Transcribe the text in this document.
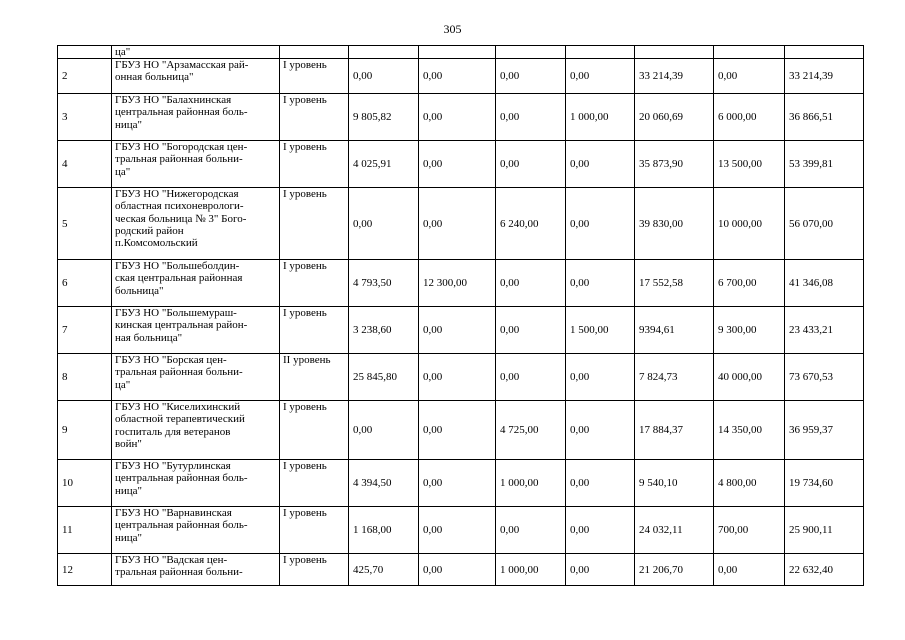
305
	ца"								
2	ГБУЗ НО "Арзамасская рай-
онная больница"	I уровень	0,00	0,00	0,00	0,00	33 214,39	0,00	33 214,39
3	ГБУЗ НО "Балахнинская
центральная районная боль-
ница"	I уровень	9 805,82	0,00	0,00	1 000,00	20 060,69	6 000,00	36 866,51
4	ГБУЗ НО "Богородская цен-
тральная районная больни-
ца"	I уровень	4 025,91	0,00	0,00	0,00	35 873,90	13 500,00	53 399,81
5	ГБУЗ НО "Нижегородская
областная психоневрологи-
ческая больница № 3" Бого-
родский район
п.Комсомольский	I уровень	0,00	0,00	6 240,00	0,00	39 830,00	10 000,00	56 070,00
6	ГБУЗ НО "Большеболдин-
ская центральная районная
больница"	I уровень	4 793,50	12 300,00	0,00	0,00	17 552,58	6 700,00	41 346,08
7	ГБУЗ НО "Большемураш-
кинская центральная район-
ная больница"	I уровень	3 238,60	0,00	0,00	1 500,00	9394,61	9 300,00	23 433,21
8	ГБУЗ НО "Борская цен-
тральная районная больни-
ца"	II уровень	25 845,80	0,00	0,00	0,00	7 824,73	40 000,00	73 670,53
9	ГБУЗ НО "Киселихинский
областной терапевтический
госпиталь для ветеранов
войн"	I уровень	0,00	0,00	4 725,00	0,00	17 884,37	14 350,00	36 959,37
10	ГБУЗ НО "Бутурлинская
центральная районная боль-
ница"	I уровень	4 394,50	0,00	1 000,00	0,00	9 540,10	4 800,00	19 734,60
11	ГБУЗ НО "Варнавинская
центральная районная боль-
ница"	I уровень	1 168,00	0,00	0,00	0,00	24 032,11	700,00	25 900,11
12	ГБУЗ НО "Вадская цен-
тральная районная больни-	I уровень	425,70	0,00	1 000,00	0,00	21 206,70	0,00	22 632,40
